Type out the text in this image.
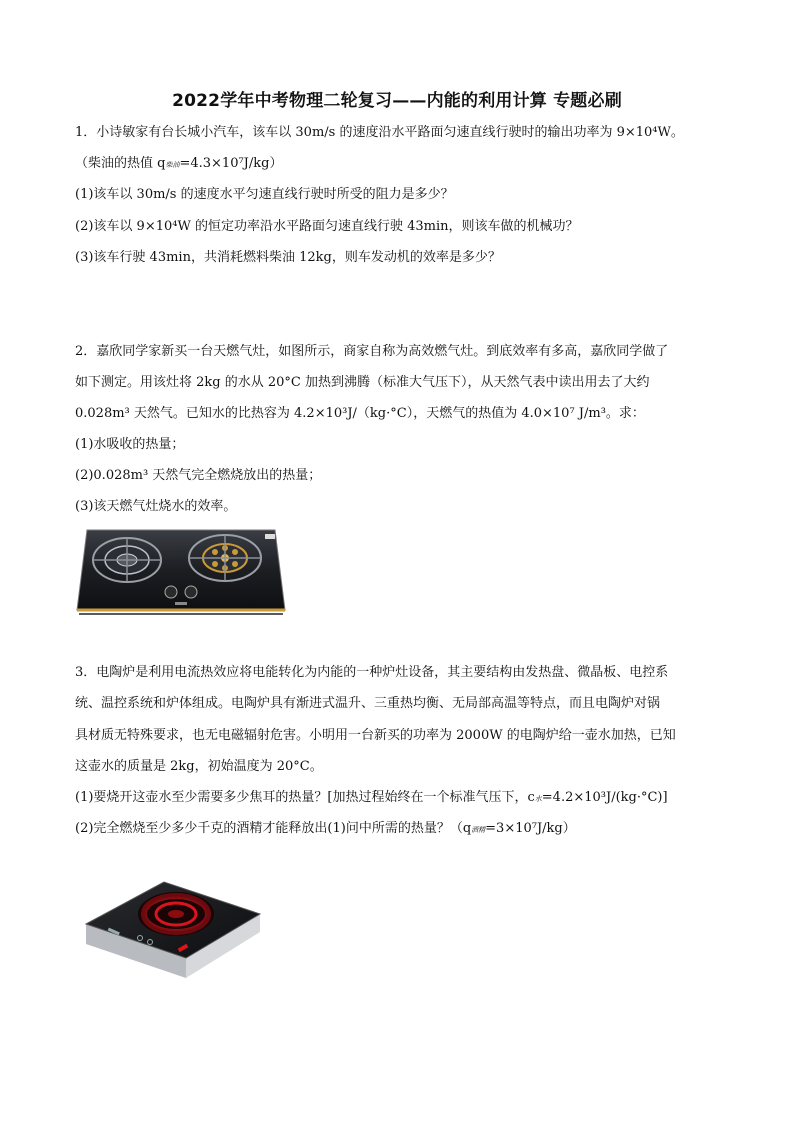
2022学年中考物理二轮复习——内能的利用计算 专题必刷
1．小诗敏家有台长城小汽车，该车以 30m/s 的速度沿水平路面匀速直线行驶时的输出功率为 9×10⁴W。
（柴油的热值 q柴油=4.3×10⁷J/kg）
(1)该车以 30m/s 的速度水平匀速直线行驶时所受的阻力是多少？
(2)该车以 9×10⁴W 的恒定功率沿水平路面匀速直线行驶 43min，则该车做的机械功？
(3)该车行驶 43min，共消耗燃料柴油 12kg，则车发动机的效率是多少？
2．嘉欣同学家新买一台天燃气灶，如图所示，商家自称为高效燃气灶。到底效率有多高，嘉欣同学做了
如下测定。用该灶将 2kg 的水从 20°C 加热到沸腾（标准大气压下），从天然气表中读出用去了大约
0.028m³ 天然气。已知水的比热容为 4.2×10³J/（kg·°C），天燃气的热值为 4.0×10⁷ J/m³。求：
(1)水吸收的热量；
(2)0.028m³ 天然气完全燃烧放出的热量；
(3)该天燃气灶烧水的效率。
3．电陶炉是利用电流热效应将电能转化为内能的一种炉灶设备，其主要结构由发热盘、微晶板、电控系
统、温控系统和炉体组成。电陶炉具有渐进式温升、三重热均衡、无局部高温等特点，而且电陶炉对锅
具材质无特殊要求，也无电磁辐射危害。小明用一台新买的功率为 2000W 的电陶炉给一壶水加热，已知
这壶水的质量是 2kg，初始温度为 20°C。
(1)要烧开这壶水至少需要多少焦耳的热量？[加热过程始终在一个标准气压下，c水=4.2×10³J/(kg·°C)]
(2)完全燃烧至少多少千克的酒精才能释放出(1)问中所需的热量？（q酒精=3×10⁷J/kg）
